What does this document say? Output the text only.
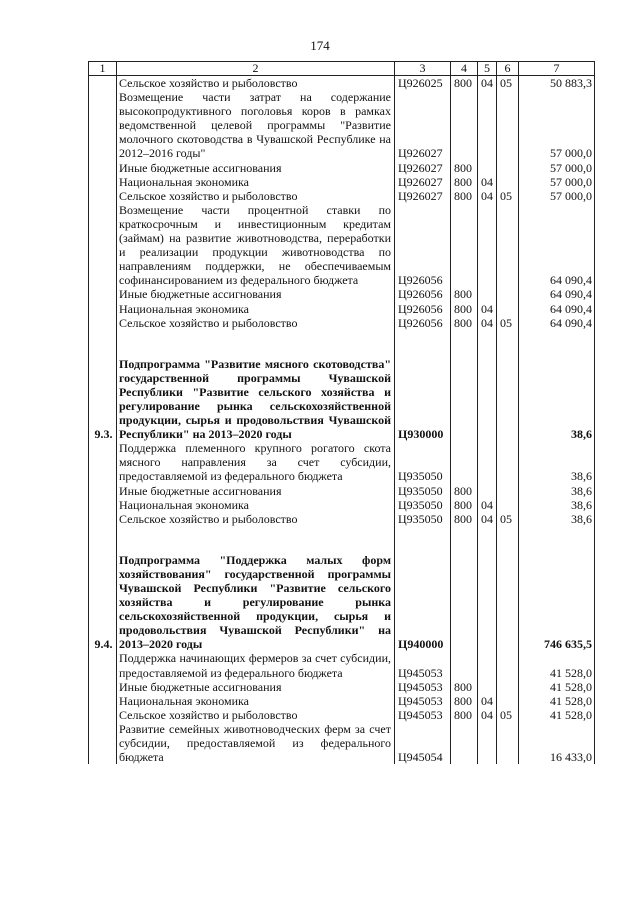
174
1	2	3	4	5	6	7
	Сельское хозяйство и рыболовство	Ц926025	800	04	05	50 883,3
	Возмещение части затрат на содержание высокопродуктивного поголовья коров в рамках ведомственной целевой программы "Развитие молочного скотоводства в Чувашской Республике на 2012–2016 годы"	Ц926027				57 000,0
	Иные бюджетные ассигнования	Ц926027	800			57 000,0
	Национальная экономика	Ц926027	800	04		57 000,0
	Сельское хозяйство и рыболовство	Ц926027	800	04	05	57 000,0
	Возмещение части процентной ставки по краткосрочным и инвестиционным кредитам (займам) на развитие животноводства, переработки и реализации продукции животноводства по направлениям поддержки, не обеспечиваемым софинансированием из федерального бюджета	Ц926056				64 090,4
	Иные бюджетные ассигнования	Ц926056	800			64 090,4
	Национальная экономика	Ц926056	800	04		64 090,4
	Сельское хозяйство и рыболовство	Ц926056	800	04	05	64 090,4

9.3.	Подпрограмма "Развитие мясного скотоводства" государственной программы Чувашской Республики "Развитие сельского хозяйства и регулирование рынка сельскохозяйственной продукции, сырья и продовольствия Чувашской Республики" на 2013–2020 годы	Ц930000				38,6
	Поддержка племенного крупного рогатого скота мясного направления за счет субсидии, предоставляемой из федерального бюджета	Ц935050				38,6
	Иные бюджетные ассигнования	Ц935050	800			38,6
	Национальная экономика	Ц935050	800	04		38,6
	Сельское хозяйство и рыболовство	Ц935050	800	04	05	38,6

9.4.	Подпрограмма "Поддержка малых форм хозяйствования" государственной программы Чувашской Республики "Развитие сельского хозяйства и регулирование рынка сельскохозяйственной продукции, сырья и продовольствия Чувашской Республики" на 2013–2020 годы	Ц940000				746 635,5
	Поддержка начинающих фермеров за счет субсидии, предоставляемой из федерального бюджета	Ц945053				41 528,0
	Иные бюджетные ассигнования	Ц945053	800			41 528,0
	Национальная экономика	Ц945053	800	04		41 528,0
	Сельское хозяйство и рыболовство	Ц945053	800	04	05	41 528,0
	Развитие семейных животноводческих ферм за счет субсидии, предоставляемой из федерального бюджета	Ц945054				16 433,0
